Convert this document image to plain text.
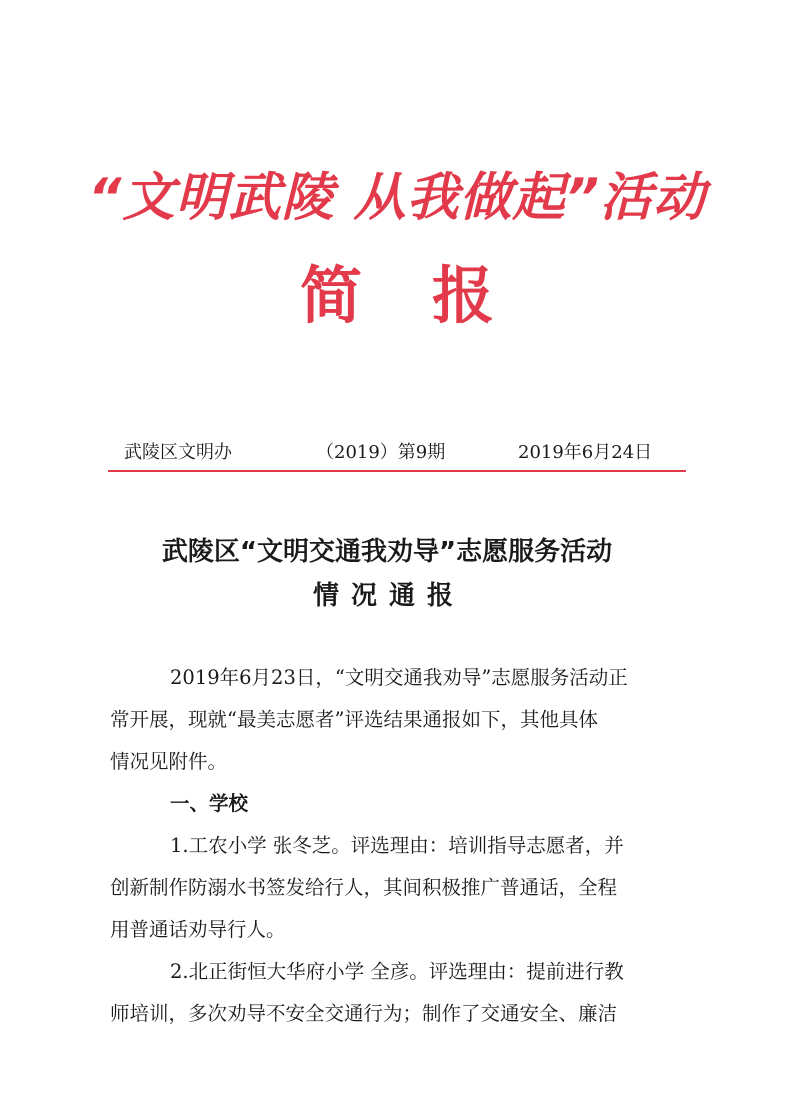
“文明武陵 从我做起”活动
简报
武陵区文明办	（2019）第9期	2019年6月24日
武陵区“文明交通我劝导”志愿服务活动
情况通报
2019年6月23日，“文明交通我劝导”志愿服务活动正
常开展，现就“最美志愿者”评选结果通报如下，其他具体
情况见附件。
一、学校
1.工农小学 张冬芝。评选理由：培训指导志愿者，并
创新制作防溺水书签发给行人，其间积极推广普通话，全程
用普通话劝导行人。
2.北正街恒大华府小学 全彦。评选理由：提前进行教
师培训，多次劝导不安全交通行为；制作了交通安全、廉洁
